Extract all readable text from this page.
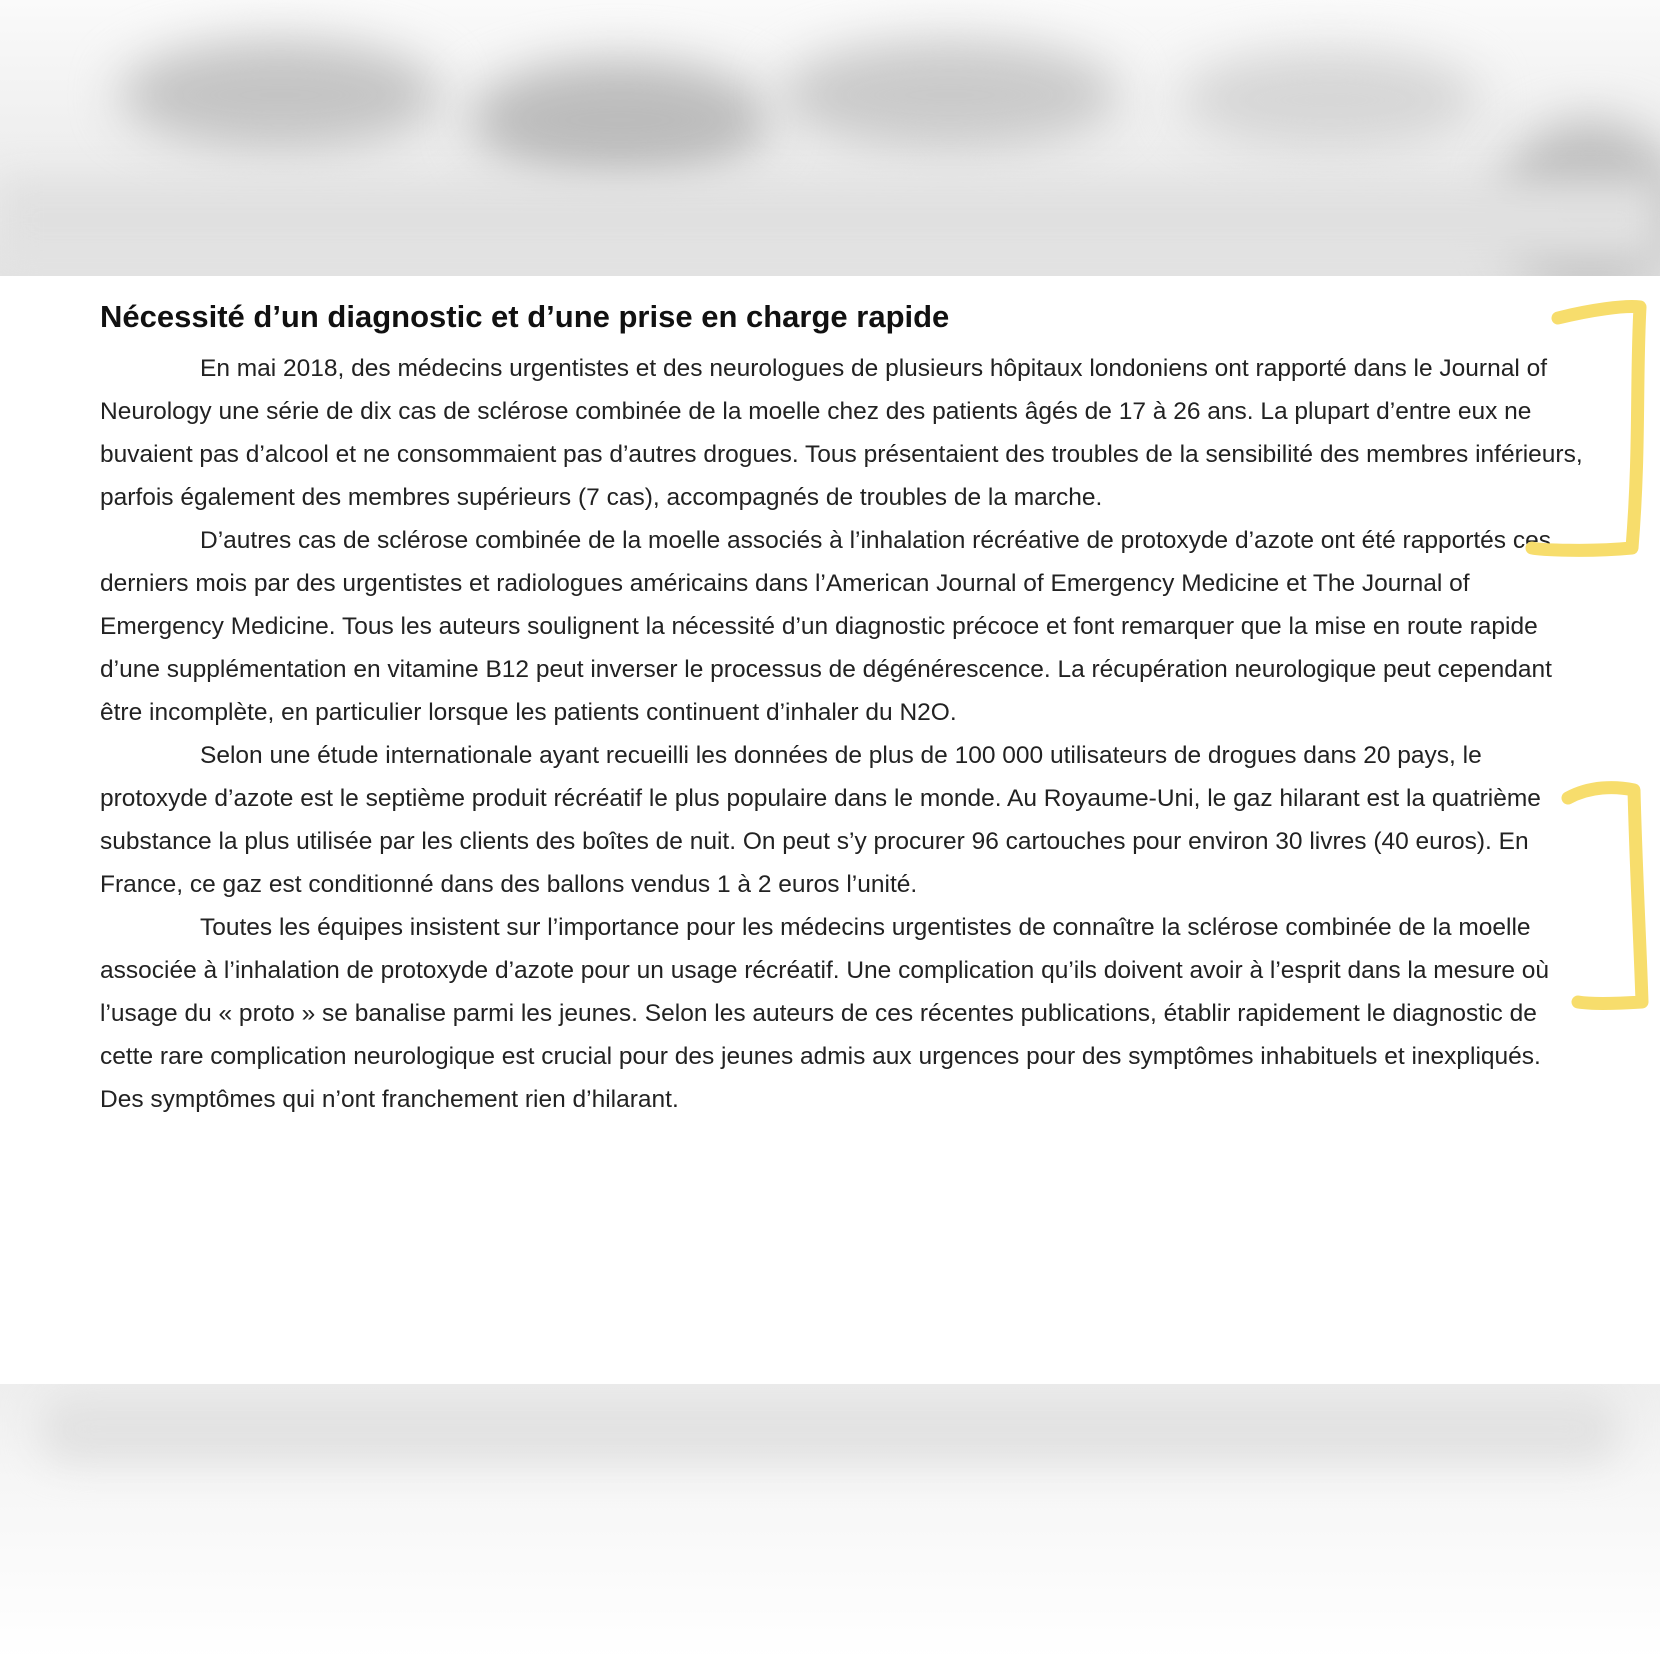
Nécessité d’un diagnostic et d’une prise en charge rapide

En mai 2018, des médecins urgentistes et des neurologues de plusieurs hôpitaux londoniens ont rapporté dans le Journal of Neurology une série de dix cas de sclérose combinée de la moelle chez des patients âgés de 17 à 26 ans. La plupart d’entre eux ne buvaient pas d’alcool et ne consommaient pas d’autres drogues. Tous présentaient des troubles de la sensibilité des membres inférieurs, parfois également des membres supérieurs (7 cas), accompagnés de troubles de la marche.

D’autres cas de sclérose combinée de la moelle associés à l’inhalation récréative de protoxyde d’azote ont été rapportés ces derniers mois par des urgentistes et radiologues américains dans l’American Journal of Emergency Medicine et The Journal of Emergency Medicine. Tous les auteurs soulignent la nécessité d’un diagnostic précoce et font remarquer que la mise en route rapide d’une supplémentation en vitamine B12 peut inverser le processus de dégénérescence. La récupération neurologique peut cependant être incomplète, en particulier lorsque les patients continuent d’inhaler du N2O.

Selon une étude internationale ayant recueilli les données de plus de 100 000 utilisateurs de drogues dans 20 pays, le protoxyde d’azote est le septième produit récréatif le plus populaire dans le monde. Au Royaume-Uni, le gaz hilarant est la quatrième substance la plus utilisée par les clients des boîtes de nuit. On peut s’y procurer 96 cartouches pour environ 30 livres (40 euros). En France, ce gaz est conditionné dans des ballons vendus 1 à 2 euros l’unité.

Toutes les équipes insistent sur l’importance pour les médecins urgentistes de connaître la sclérose combinée de la moelle associée à l’inhalation de protoxyde d’azote pour un usage récréatif. Une complication qu’ils doivent avoir à l’esprit dans la mesure où l’usage du « proto » se banalise parmi les jeunes. Selon les auteurs de ces récentes publications, établir rapidement le diagnostic de cette rare complication neurologique est crucial pour des jeunes admis aux urgences pour des symptômes inhabituels et inexpliqués. Des symptômes qui n’ont franchement rien d’hilarant.
